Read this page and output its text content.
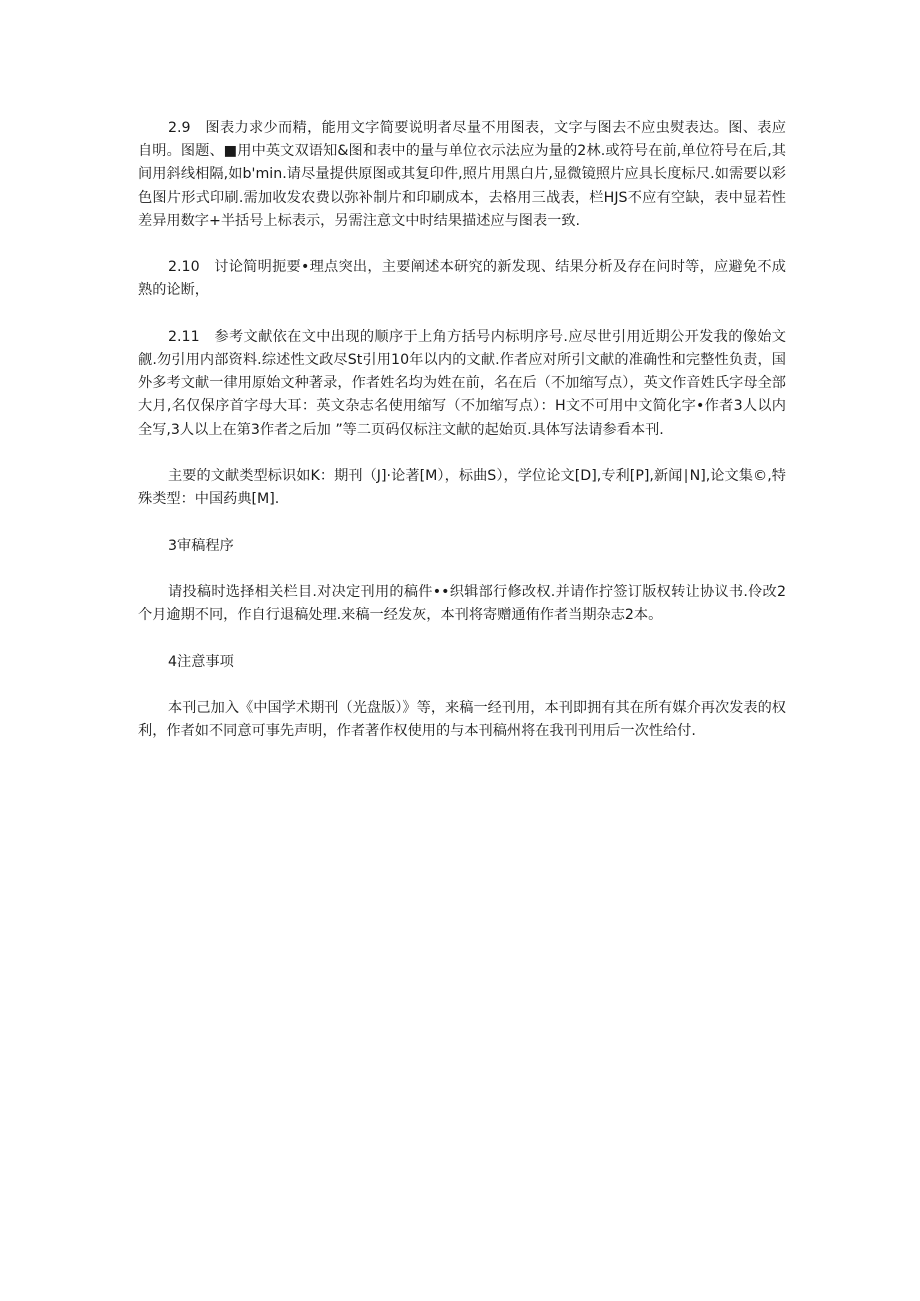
2.9　图表力求少而精，能用文字简要说明者尽量不用图表，文字与图去不应虫熨表达。图、表应自明。图题、■用中英文双语知&图和表中的量与单位衣示法应为量的2林.或符号在前,单位符号在后,其间用斜线相隔,如b'min.请尽量提供原图或其复印件,照片用黑白片,显微镜照片应具长度标尺.如需要以彩色图片形式印刷.需加收发农费以弥补制片和印刷成本，去格用三战表，栏HJS不应有空缺，表中显若性差异用数字+半括号上标表示，另需注意文中时结果描述应与图表一致.

2.10　讨论简明扼要•理点突出，主要阐述本研究的新发现、结果分析及存在问时等，应避免不成熟的论断，

2.11　参考文献依在文中出现的顺序于上角方括号内标明序号.应尽世引用近期公开发我的像始文觎.勿引用内部资料.综述性文政尽St引用10年以内的文献.作者应对所引文献的准确性和完整性负责，国外多考文献一律用原始文种著录，作者姓名均为姓在前，名在后（不加缩写点），英文作音姓氏字母全部大月,名仅保序首字母大耳：英文杂志名使用缩写（不加缩写点）：H文不可用中文简化字•作者3人以内全写,3人以上在第3作者之后加 ”等二页码仅标注文献的起始页.具体写法请参看本刊.

主要的文献类型标识如K：期刊（J]·论著[M），标曲S），学位论文[D],专利[P],新闻∣N],论文集©,特殊类型：中国药典[M].

3审稿程序

请投稿时选择相关栏目.对决定刊用的稿件••织辑部行修改权.并请作拧签订版权转让协议书.伶改2个月逾期不冋，作自行退稿处理.来稿一经发灰，本刊将寄赠通侑作者当期杂志2本。

4注意事项

本刊己加入《中国学术期刊（光盘版）》等，来稿一经刊用，本刊即拥有其在所有媒介再次发表的权利，作者如不同意可事先声明，作者著作权使用的与本刊稿州将在我刊刊用后一次性给付.
